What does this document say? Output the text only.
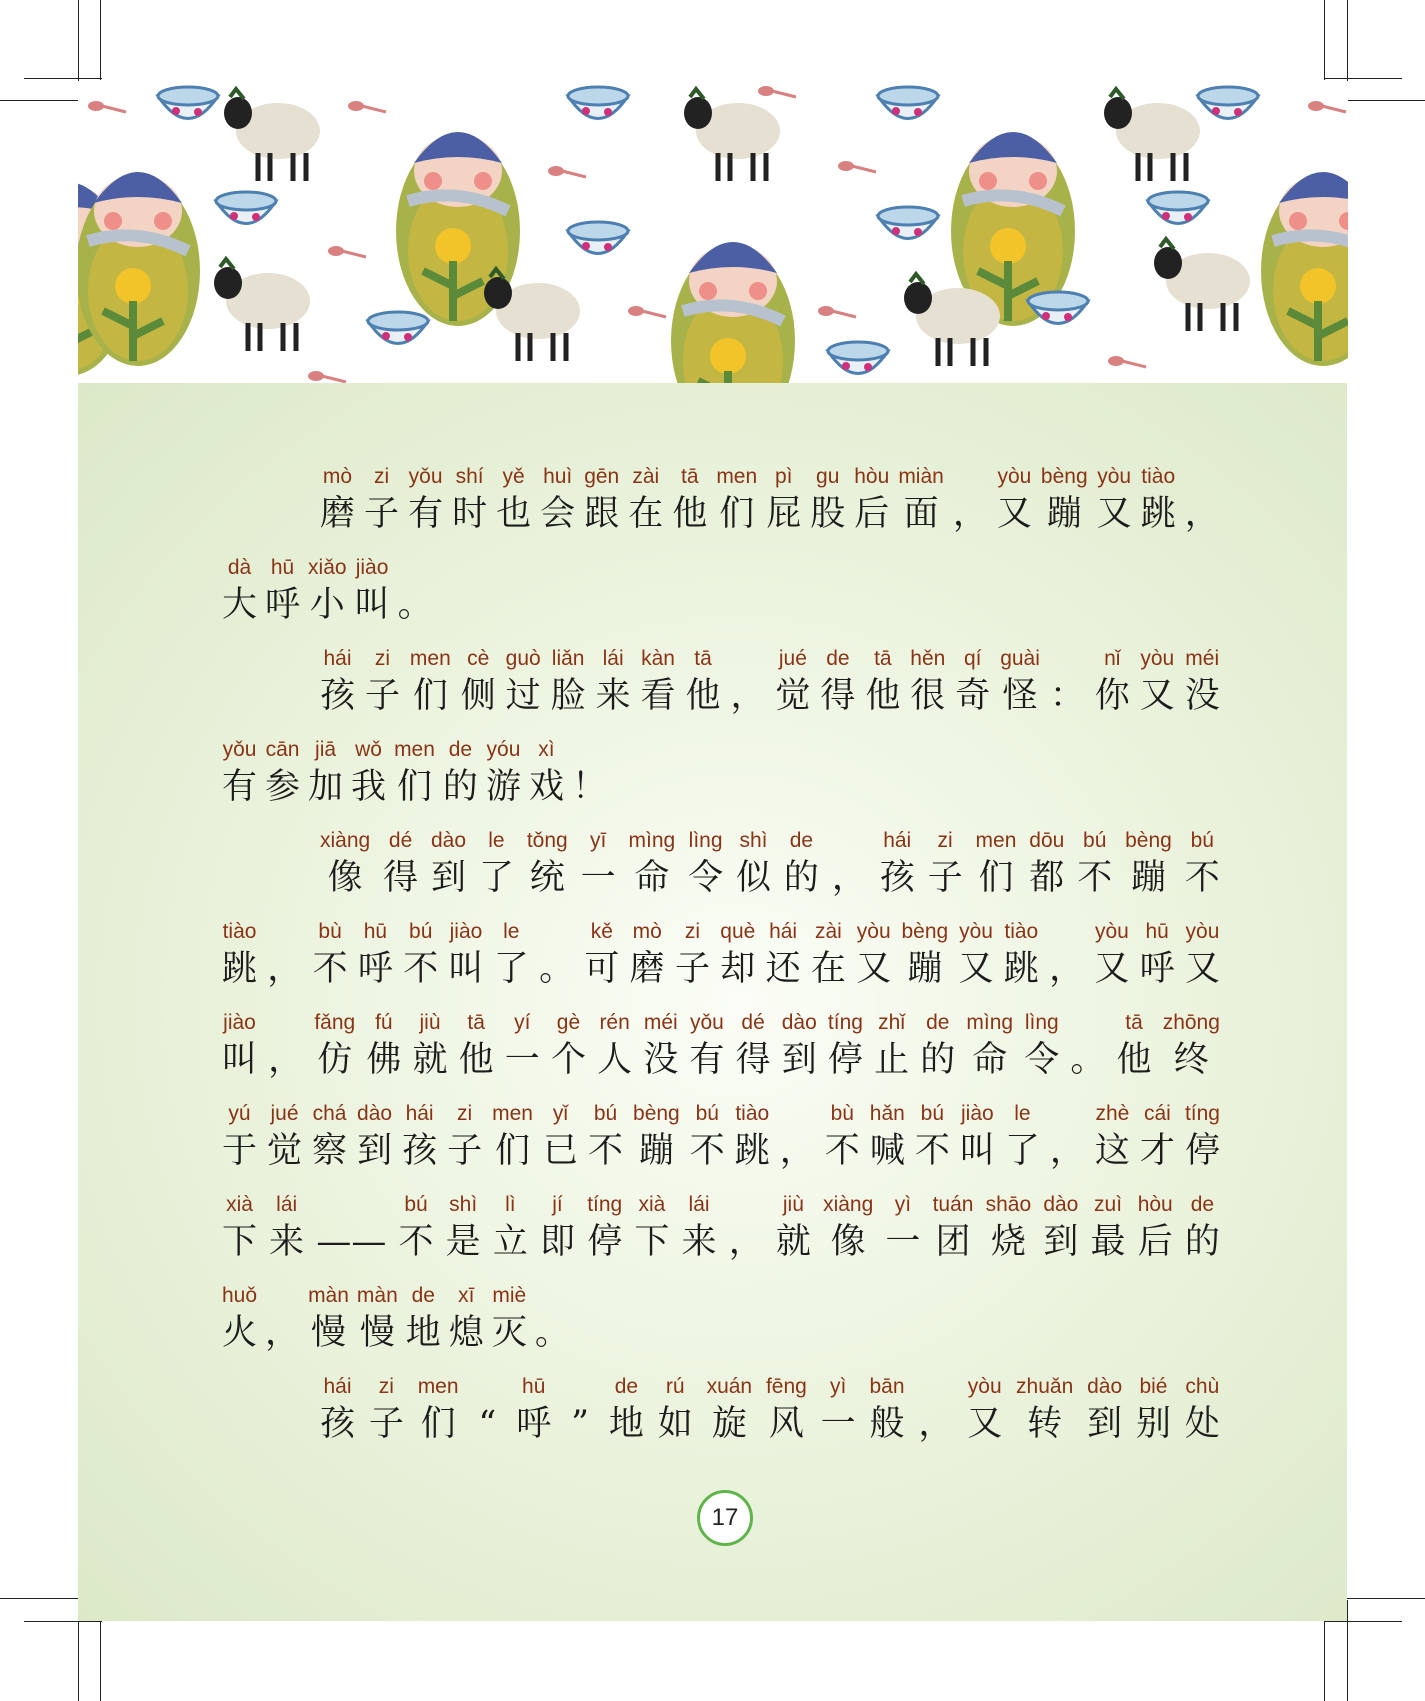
mò
磨
zi
子
yǒu
有
shí
时
yě
也
huì
会
gēn
跟
zài
在
tā
他
men
们
pì
屁
gu
股
hòu
后
miàn
面 ，
yòu
又
bèng
蹦
yòu
又
tiào
跳 ，
dà
大
hū
呼
xiǎo
小
jiào
叫 。
hái
孩
zi
子
men
们
cè
侧
guò
过
liǎn
脸
lái
来
kàn
看
tā
他 ，
jué
觉
de
得
tā
他
hěn
很
qí
奇
guài
怪 ：
nǐ
你
yòu
又
méi
没
yǒu
有
cān
参
jiā
加
wǒ
我
men
们
de
的
yóu
游
xì
戏 ！
xiàng
像
dé
得
dào
到
le
了
tǒng
统
yī
一
mìng
命
lìng
令
shì
似
de
的 ，
hái
孩
zi
子
men
们
dōu
都
bú
不
bèng
蹦
bú
不
tiào
跳 ，
bù
不
hū
呼
bú
不
jiào
叫
le
了 。
kě
可
mò
磨
zi
子
què
却
hái
还
zài
在
yòu
又
bèng
蹦
yòu
又
tiào
跳 ，
yòu
又
hū
呼
yòu
又
jiào
叫 ，
fǎng
仿
fú
佛
jiù
就
tā
他
yí
一
gè
个
rén
人
méi
没
yǒu
有
dé
得
dào
到
tíng
停
zhǐ
止
de
的
mìng
命
lìng
令 。
tā
他
zhōng
终
yú
于
jué
觉
chá
察
dào
到
hái
孩
zi
子
men
们
yǐ
已
bú
不
bèng
蹦
bú
不
tiào
跳 ，
bù
不
hǎn
喊
bú
不
jiào
叫
le
了 ，
zhè
这
cái
才
tíng
停
xià
下
lái
来 ——
bú
不
shì
是
lì
立
jí
即
tíng
停
xià
下
lái
来 ，
jiù
就
xiàng
像
yì
一
tuán
团
shāo
烧
dào
到
zuì
最
hòu
后
de
的
huǒ
火 ，
màn
慢
màn
慢
de
地
xī
熄
miè
灭 。
hái
孩
zi
子
men
们 “
hū
呼 ”
de
地
rú
如
xuán
旋
fēng
风
yì
一
bān
般 ，
yòu
又
zhuǎn
转
dào
到
bié
别
chù
处
17
